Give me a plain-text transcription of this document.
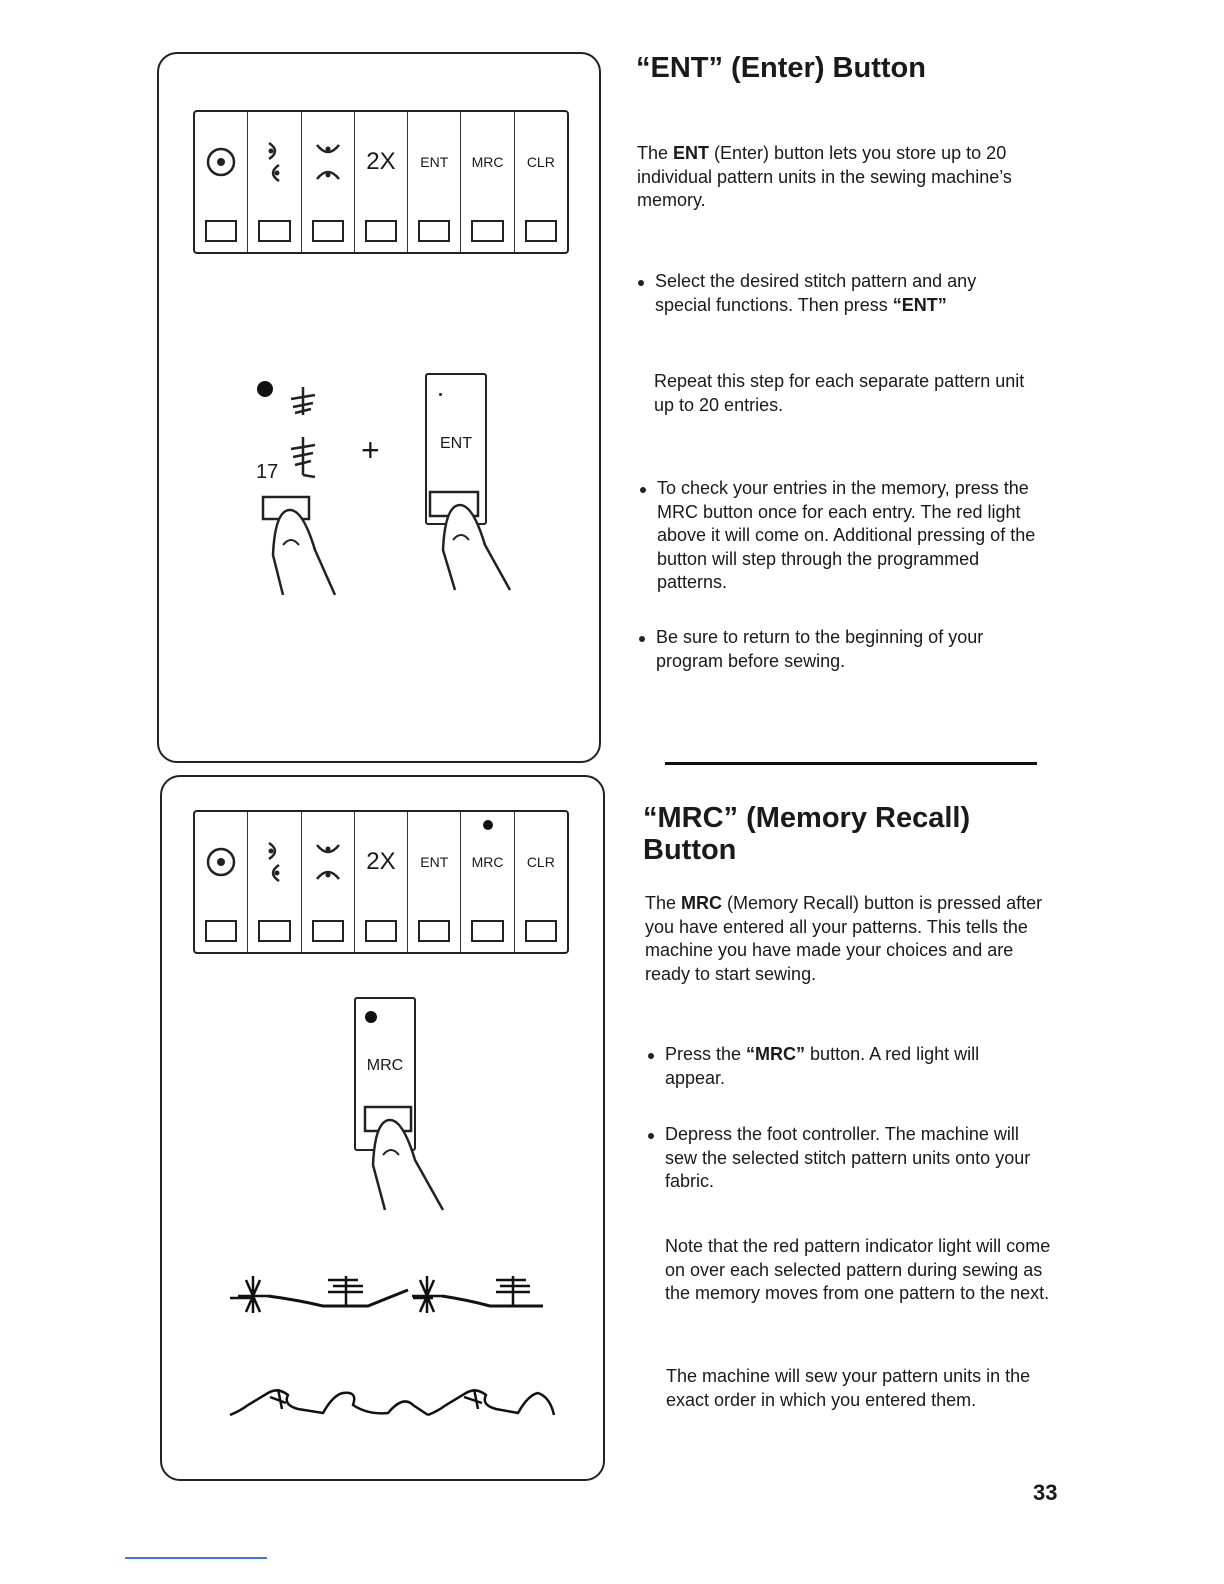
2X	ENT	MRC	CLR
17
+	ENT
2X	ENT	MRC	CLR
MRC
“ENT” (Enter) Button

The ENT (Enter) button lets you store up to 20 individual pattern units in the sewing machine’s memory.

Select the desired stitch pattern and any special functions. Then press “ENT”

Repeat this step for each separate pattern unit up to 20 entries.

To check your entries in the memory, press the MRC button once for each entry. The red light above it will come on. Additional pressing of the button will step through the programmed patterns.
Be sure to return to the beginning of your program before sewing.
“MRC” (Memory Recall)
Button

The MRC (Memory Recall) button is pressed after you have entered all your patterns. This tells the machine you have made your choices and are ready to start sewing.

Press the “MRC” button. A red light will appear.
Depress the foot controller. The machine will sew the selected stitch pattern units onto your fabric.

Note that the red pattern indicator light will come on over each selected pattern during sewing as the memory moves from one pattern to the next.

The machine will sew your pattern units in the exact order in which you entered them.

33
